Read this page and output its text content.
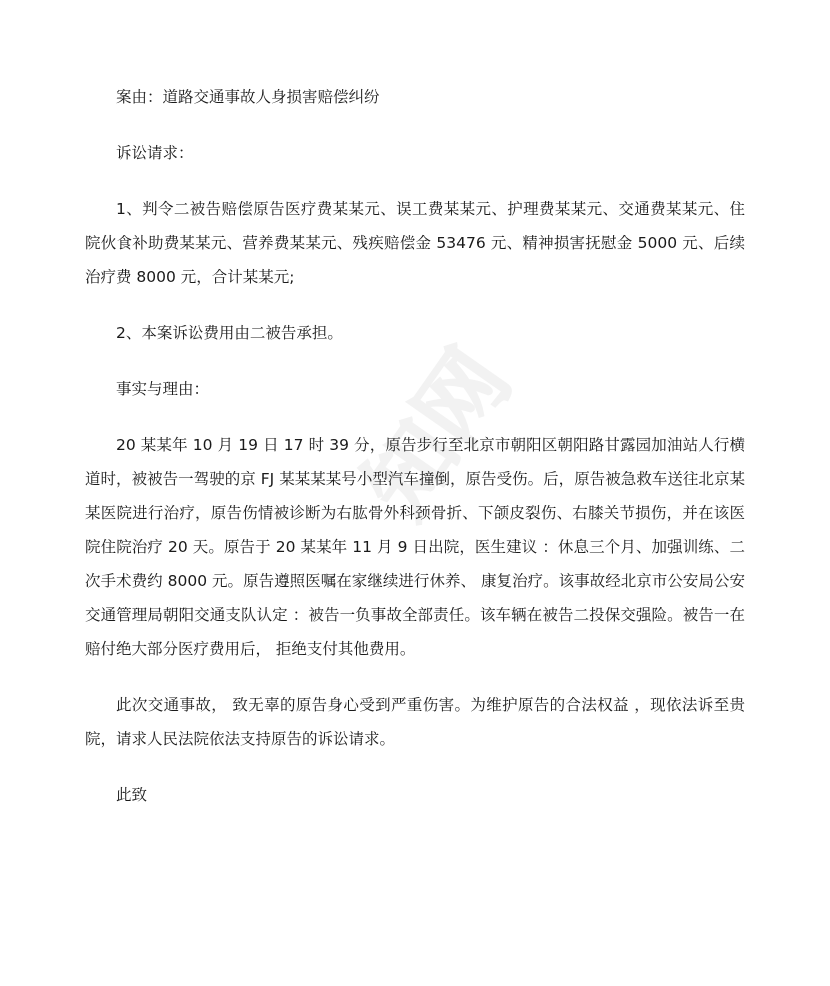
知网

案由：道路交通事故人身损害赔偿纠纷

诉讼请求：

1、判令二被告赔偿原告医疗费某某元、误工费某某元、护理费某某元、交通费某某元、住院伙食补助费某某元、营养费某某元、残疾赔偿金 53476 元、精神损害抚慰金 5000 元、后续治疗费 8000 元，合计某某元;

2、本案诉讼费用由二被告承担。

事实与理由：

20 某某年 10 月 19 日 17 时 39 分，原告步行至北京市朝阳区朝阳路甘露园加油站人行横道时，被被告一驾驶的京 FJ 某某某某号小型汽车撞倒，原告受伤。后，原告被急救车送往北京某某医院进行治疗，原告伤情被诊断为右肱骨外科颈骨折、下颌皮裂伤、右膝关节损伤，并在该医院住院治疗 20 天。原告于 20 某某年 11 月 9 日出院，医生建议 ：休息三个月、加强训练、二次手术费约 8000 元。原告遵照医嘱在家继续进行休养、 康复治疗。该事故经北京市公安局公安交通管理局朝阳交通支队认定 ：被告一负事故全部责任。该车辆在被告二投保交强险。被告一在赔付绝大部分医疗费用后， 拒绝支付其他费用。

此次交通事故， 致无辜的原告身心受到严重伤害。为维护原告的合法权益 ，现依法诉至贵院，请求人民法院依法支持原告的诉讼请求。

此致
